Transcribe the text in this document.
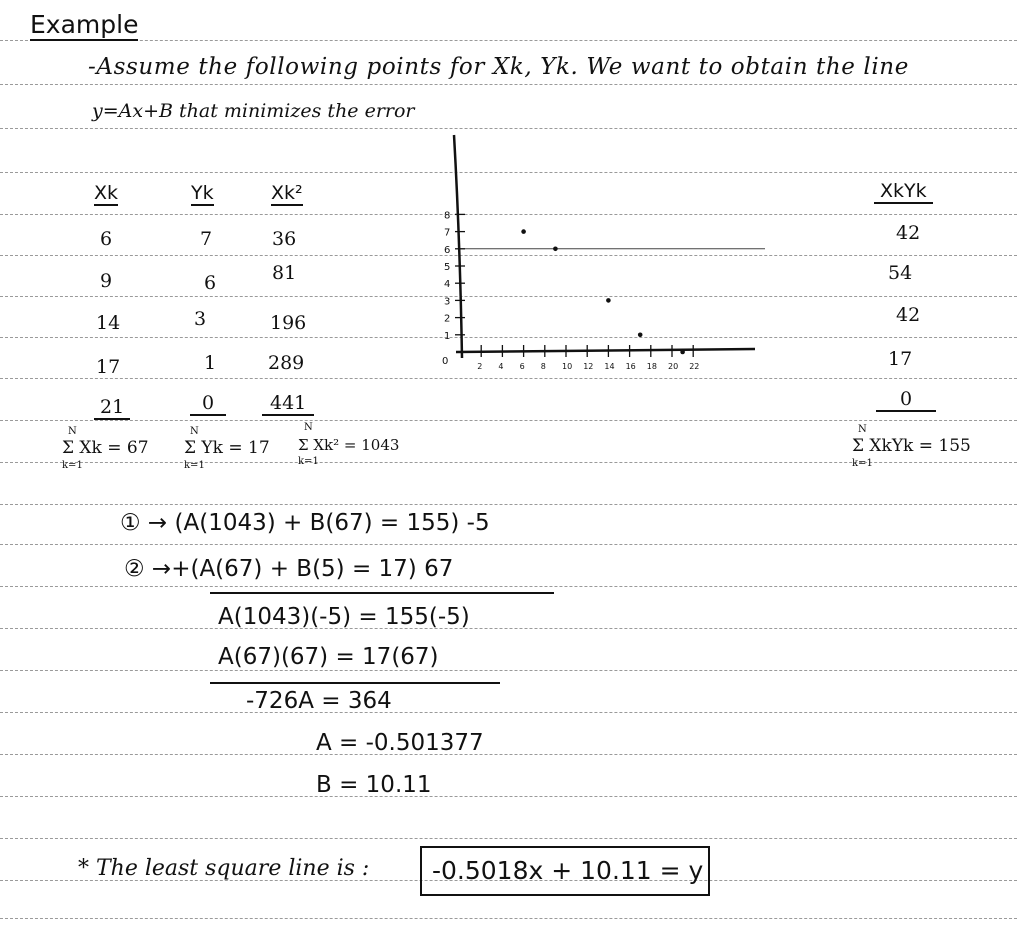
Example
-Assume the following points for Xk, Yk. We want to obtain the line
y=Ax+B that minimizes the error
Xk	Yk	Xk²
6	7	36
9	6	81
14	3	196
17	1	289
21	0	441
N
Σ Xk = 67
k=1
N
Σ Yk = 17
k=1
N
Σ Xk² = 1043
k=1
1
2
3
4
5
6
7
8
2 4 6 8 10 12 14 16 18 20 22
0
XkYk
42
54
42
17
0
N
Σ XkYk = 155
k=1
① → (A(1043) + B(67) = 155) -5
② →+(A(67) + B(5) = 17) 67
A(1043)(-5) = 155(-5)
A(67)(67) = 17(67)
-726A = 364
A = -0.501377
B = 10.11
* The least square line is :	-0.5018x + 10.11 = y
